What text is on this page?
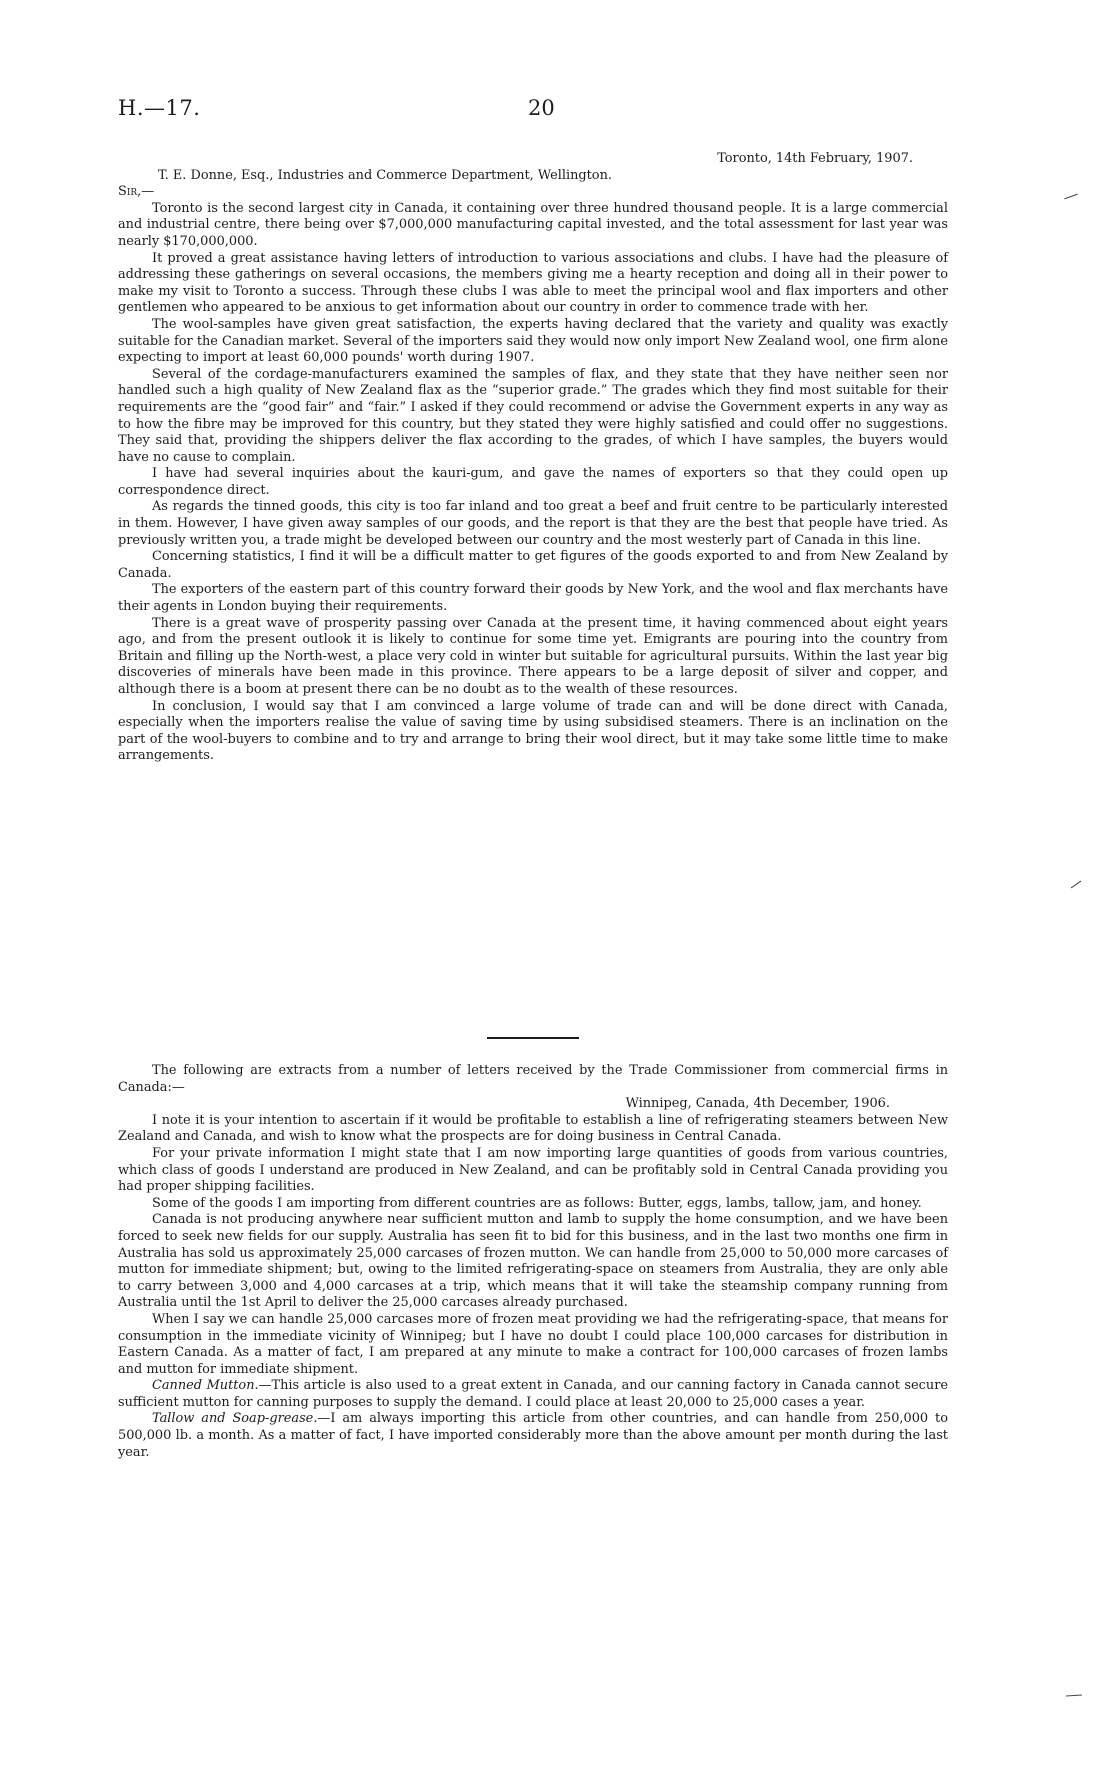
H.—17.	20
Toronto, 14th February, 1907.
T. E. Donne, Esq., Industries and Commerce Department, Wellington.
Sir,—

Toronto is the second largest city in Canada, it containing over three hundred thousand people. It is a large commercial and industrial centre, there being over $7,000,000 manufacturing capital invested, and the total assessment for last year was nearly $170,000,000.

It proved a great assistance having letters of introduction to various associations and clubs. I have had the pleasure of addressing these gatherings on several occasions, the members giving me a hearty reception and doing all in their power to make my visit to Toronto a success. Through these clubs I was able to meet the principal wool and flax importers and other gentlemen who appeared to be anxious to get information about our country in order to commence trade with her.

The wool-samples have given great satisfaction, the experts having declared that the variety and quality was exactly suitable for the Canadian market. Several of the importers said they would now only import New Zealand wool, one firm alone expecting to import at least 60,000 pounds' worth during 1907.

Several of the cordage-manufacturers examined the samples of flax, and they state that they have neither seen nor handled such a high quality of New Zealand flax as the “superior grade.” The grades which they find most suitable for their requirements are the “good fair” and “fair.” I asked if they could recommend or advise the Government experts in any way as to how the fibre may be improved for this country, but they stated they were highly satisfied and could offer no suggestions. They said that, providing the shippers deliver the flax according to the grades, of which I have samples, the buyers would have no cause to complain.

I have had several inquiries about the kauri-gum, and gave the names of exporters so that they could open up correspondence direct.

As regards the tinned goods, this city is too far inland and too great a beef and fruit centre to be particularly interested in them. However, I have given away samples of our goods, and the report is that they are the best that people have tried. As previously written you, a trade might be developed between our country and the most westerly part of Canada in this line.

Concerning statistics, I find it will be a difficult matter to get figures of the goods exported to and from New Zealand by Canada.

The exporters of the eastern part of this country forward their goods by New York, and the wool and flax merchants have their agents in London buying their requirements.

There is a great wave of prosperity passing over Canada at the present time, it having commenced about eight years ago, and from the present outlook it is likely to continue for some time yet. Emigrants are pouring into the country from Britain and filling up the North-west, a place very cold in winter but suitable for agricultural pursuits. Within the last year big discoveries of minerals have been made in this province. There appears to be a large deposit of silver and copper, and although there is a boom at present there can be no doubt as to the wealth of these resources.

In conclusion, I would say that I am convinced a large volume of trade can and will be done direct with Canada, especially when the importers realise the value of saving time by using subsidised steamers. There is an inclination on the part of the wool-buyers to combine and to try and arrange to bring their wool direct, but it may take some little time to make arrangements.

The following are extracts from a number of letters received by the Trade Commissioner from commercial firms in Canada:—

Winnipeg, Canada, 4th December, 1906.

I note it is your intention to ascertain if it would be profitable to establish a line of refrigerating steamers between New Zealand and Canada, and wish to know what the prospects are for doing business in Central Canada.

For your private information I might state that I am now importing large quantities of goods from various countries, which class of goods I understand are produced in New Zealand, and can be profitably sold in Central Canada providing you had proper shipping facilities.

Some of the goods I am importing from different countries are as follows: Butter, eggs, lambs, tallow, jam, and honey.

Canada is not producing anywhere near sufficient mutton and lamb to supply the home consumption, and we have been forced to seek new fields for our supply. Australia has seen fit to bid for this business, and in the last two months one firm in Australia has sold us approximately 25,000 carcases of frozen mutton. We can handle from 25,000 to 50,000 more carcases of mutton for immediate shipment; but, owing to the limited refrigerating-space on steamers from Australia, they are only able to carry between 3,000 and 4,000 carcases at a trip, which means that it will take the steamship company running from Australia until the 1st April to deliver the 25,000 carcases already purchased.

When I say we can handle 25,000 carcases more of frozen meat providing we had the refrigerating-space, that means for consumption in the immediate vicinity of Winnipeg; but I have no doubt I could place 100,000 carcases for distribution in Eastern Canada. As a matter of fact, I am prepared at any minute to make a contract for 100,000 carcases of frozen lambs and mutton for immediate shipment.

Canned Mutton.—This article is also used to a great extent in Canada, and our canning factory in Canada cannot secure sufficient mutton for canning purposes to supply the demand. I could place at least 20,000 to 25,000 cases a year.

Tallow and Soap-grease.—I am always importing this article from other countries, and can handle from 250,000 to 500,000 lb. a month. As a matter of fact, I have imported considerably more than the above amount per month during the last year.
